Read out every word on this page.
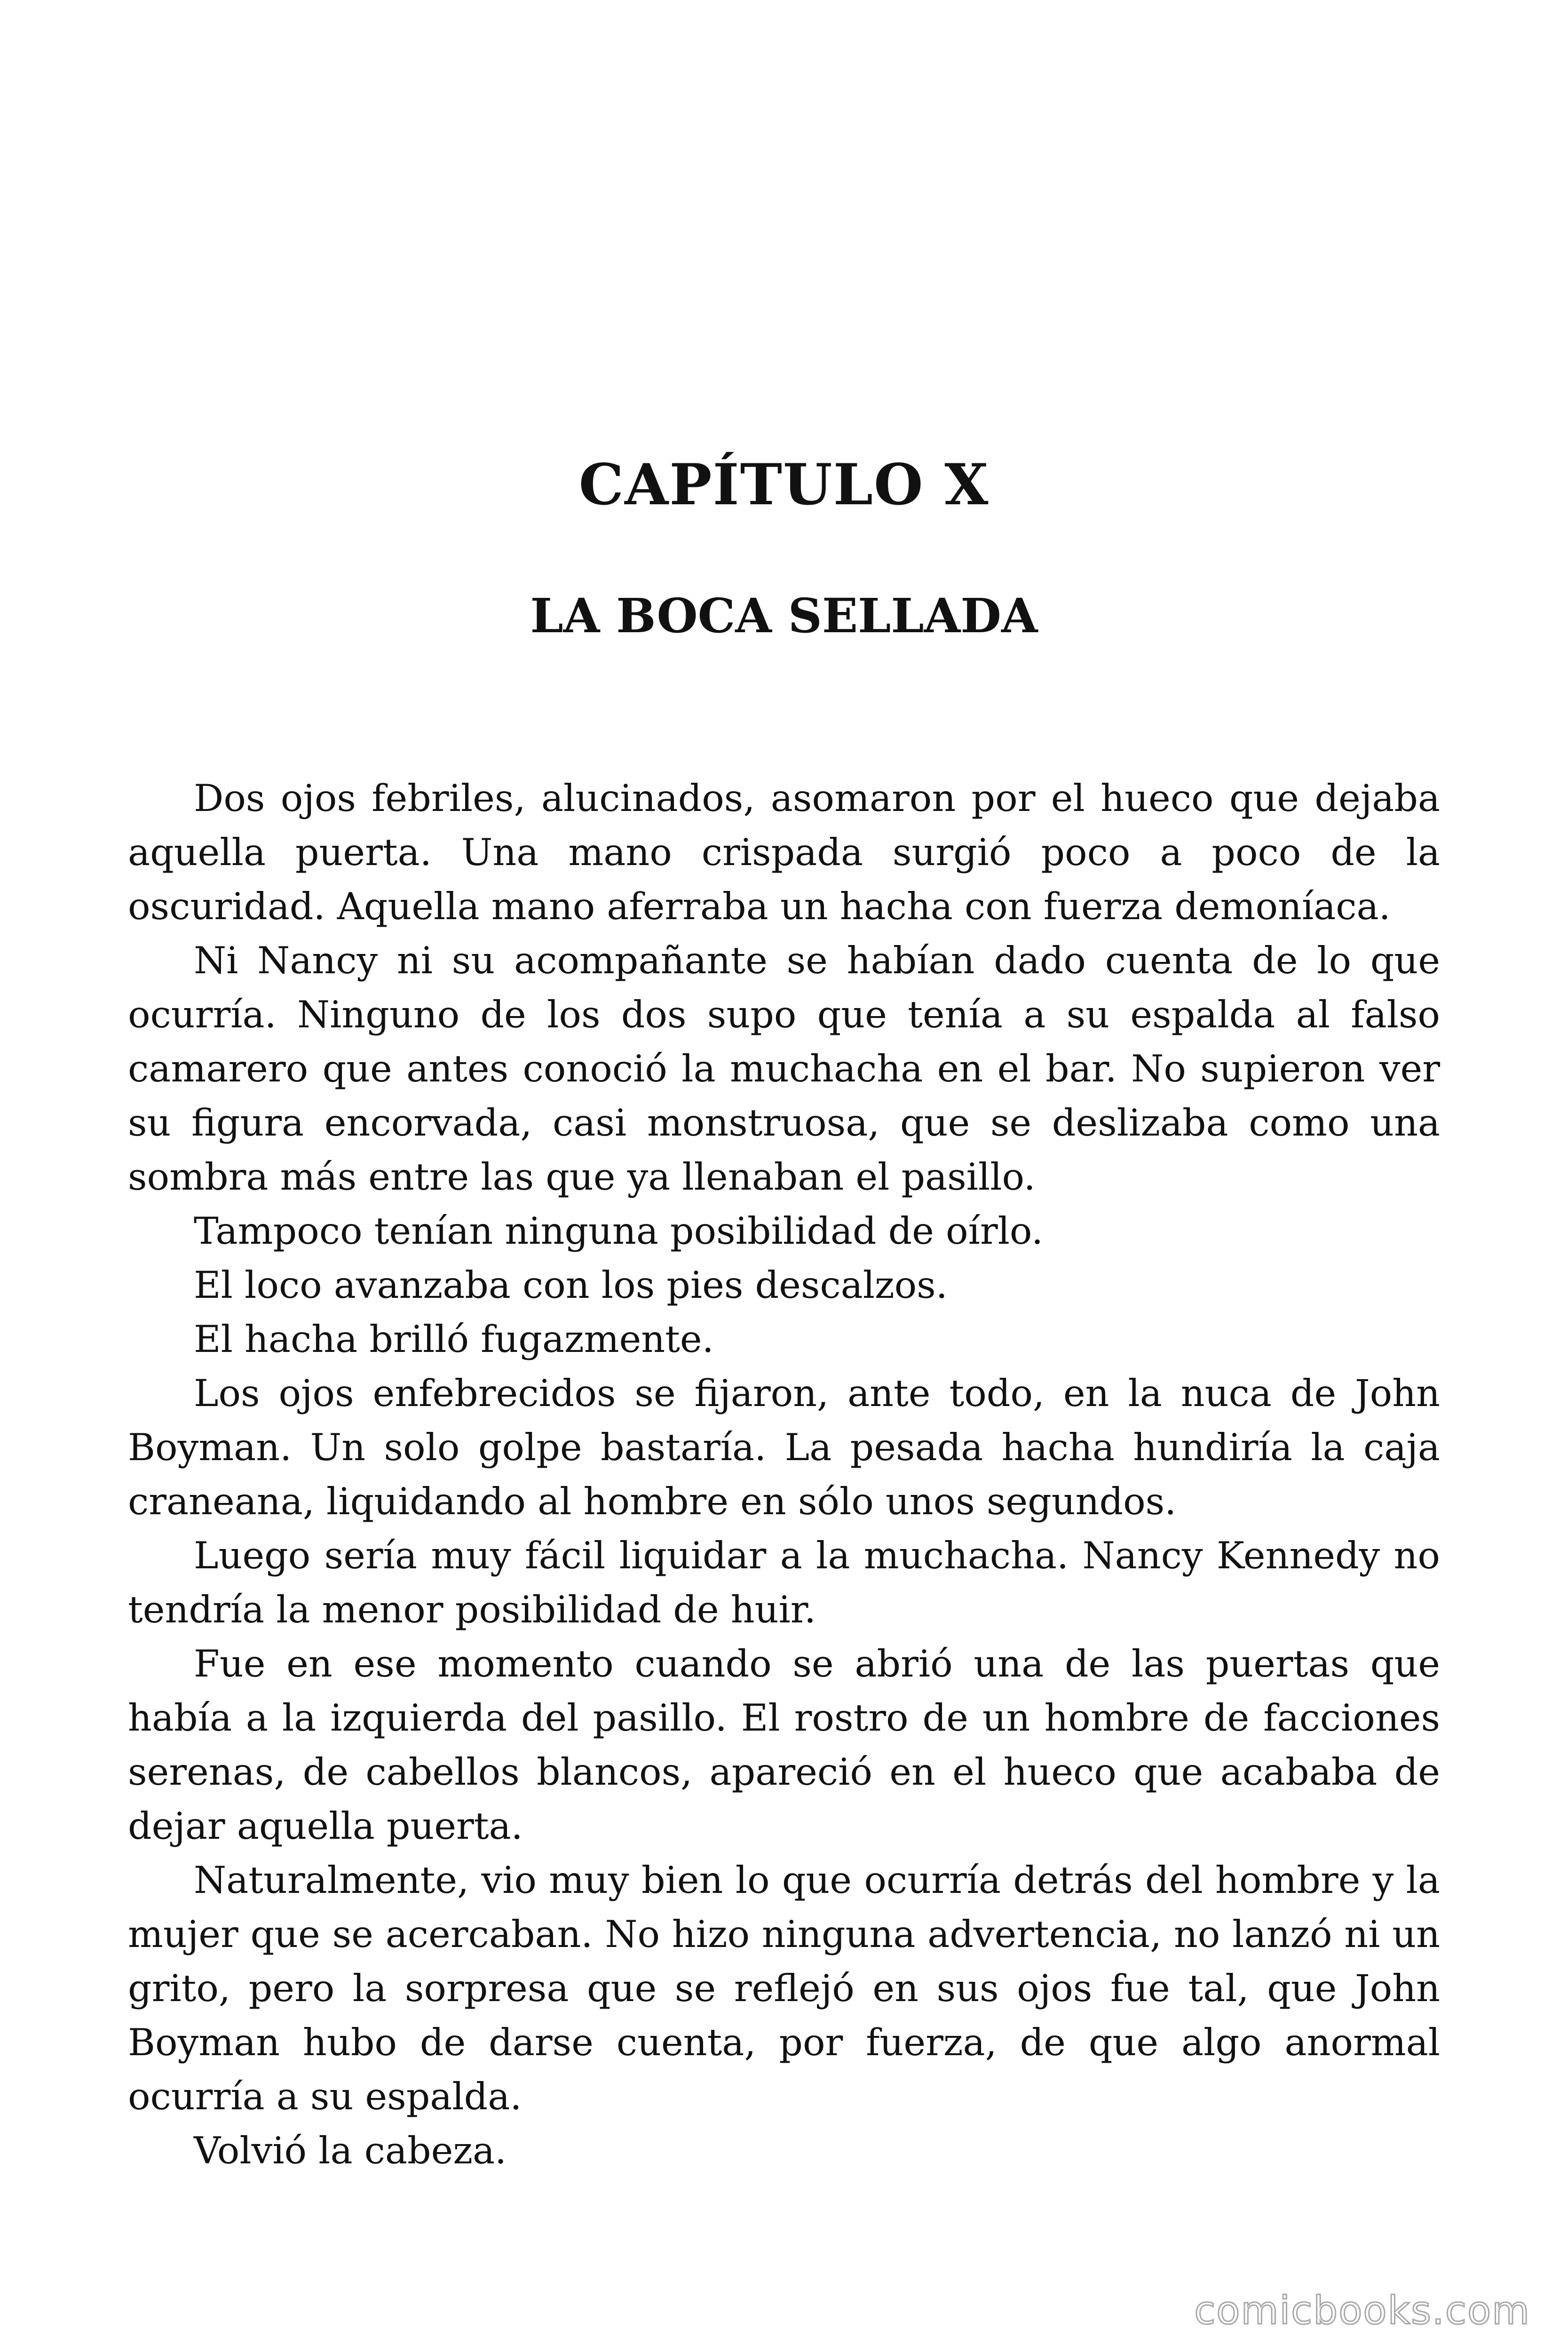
CAPÍTULO X
LA BOCA SELLADA

Dos ojos febriles, alucinados, asomaron por el hueco que dejaba aquella puerta. Una mano crispada surgió poco a poco de la oscuridad. Aquella mano aferraba un hacha con fuerza demoníaca.

Ni Nancy ni su acompañante se habían dado cuenta de lo que ocurría. Ninguno de los dos supo que tenía a su espalda al falso camarero que antes conoció la muchacha en el bar. No supieron ver su figura encorvada, casi monstruosa, que se deslizaba como una sombra más entre las que ya llenaban el pasillo.

Tampoco tenían ninguna posibilidad de oírlo.

El loco avanzaba con los pies descalzos.

El hacha brilló fugazmente.

Los ojos enfebrecidos se fijaron, ante todo, en la nuca de John Boyman. Un solo golpe bastaría. La pesada hacha hundiría la caja craneana, liquidando al hombre en sólo unos segundos.

Luego sería muy fácil liquidar a la muchacha. Nancy Kennedy no tendría la menor posibilidad de huir.

Fue en ese momento cuando se abrió una de las puertas que había a la izquierda del pasillo. El rostro de un hombre de facciones serenas, de cabellos blancos, apareció en el hueco que acababa de dejar aquella puerta.

Naturalmente, vio muy bien lo que ocurría detrás del hombre y la mujer que se acercaban. No hizo ninguna advertencia, no lanzó ni un grito, pero la sorpresa que se reflejó en sus ojos fue tal, que John Boyman hubo de darse cuenta, por fuerza, de que algo anormal ocurría a su espalda.

Volvió la cabeza.

comicbooks.com
